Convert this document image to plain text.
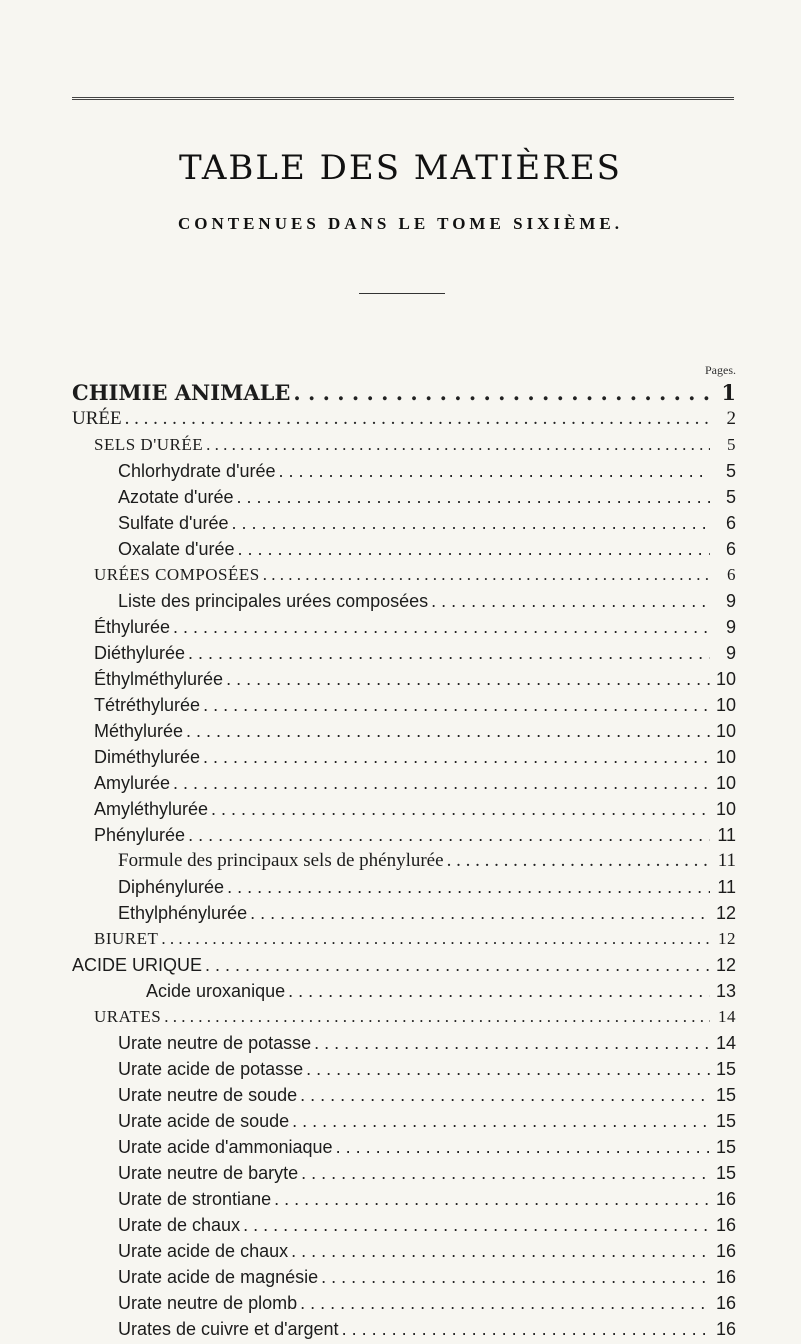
TABLE DES MATIÈRES
CONTENUES DANS LE TOME SIXIÈME.
Pages.
CHIMIE ANIMALE . . .	1
URÉE . . .	2
SELS D'URÉE . . .	5
Chlorhydrate d'urée . . .	5
Azotate d'urée . . .	5
Sulfate d'urée . . .	6
Oxalate d'urée . . .	6
URÉES COMPOSÉES . . .	6
Liste des principales urées composées . . .	9
Éthylurée . . .	9
Diéthylurée . . .	9
Éthylméthylurée . . .	10
Tétréthylurée . . .	10
Méthylurée . . .	10
Diméthylurée . . .	10
Amylurée . . .	10
Amyléthylurée . . .	10
Phénylurée . . .	11
Formule des principaux sels de phénylurée . . .	11
Diphénylurée . . .	11
Ethylphénylurée . . .	12
BIURET . . .	12
ACIDE URIQUE . . .	12
Acide uroxanique . . .	13
URATES . . .	14
Urate neutre de potasse . . .	14
Urate acide de potasse . . .	15
Urate neutre de soude . . .	15
Urate acide de soude . . .	15
Urate acide d'ammoniaque . . .	15
Urate neutre de baryte . . .	15
Urate de strontiane . . .	16
Urate de chaux . . .	16
Urate acide de chaux . . .	16
Urate acide de magnésie . . .	16
Urate neutre de plomb . . .	16
Urates de cuivre et d'argent . . .	16
